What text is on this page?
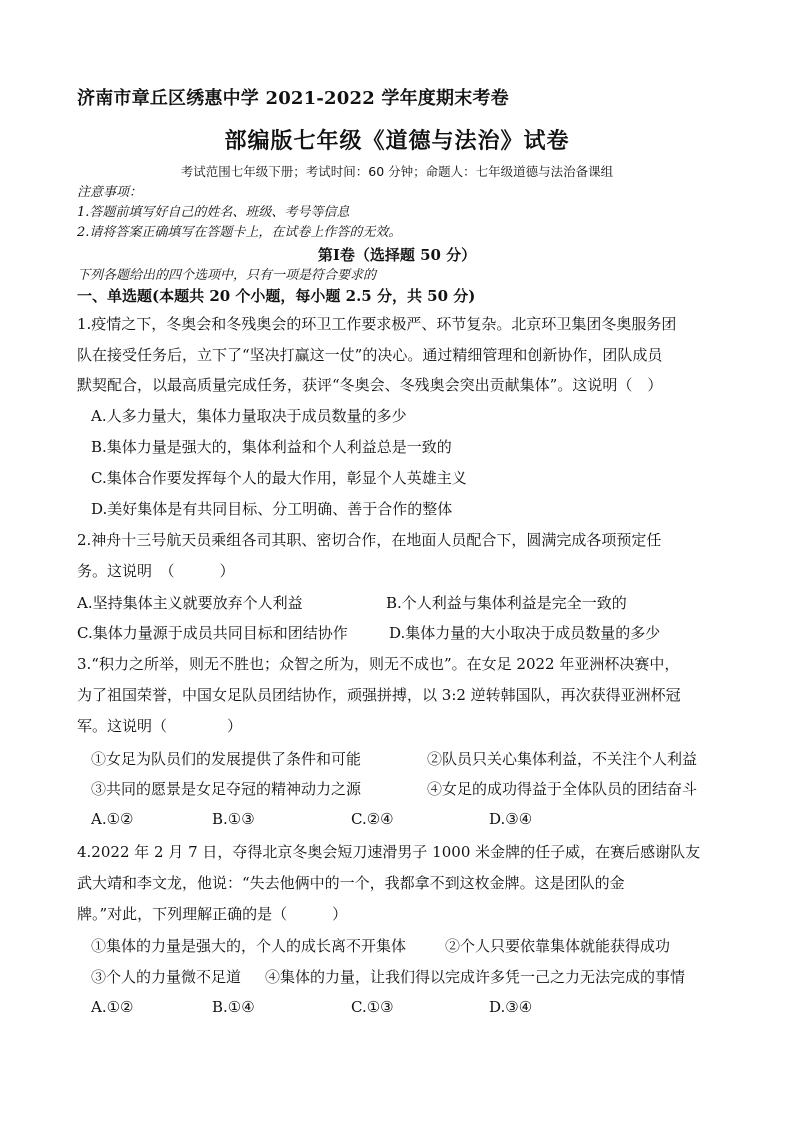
济南市章丘区绣惠中学 2021-2022 学年度期末考卷
部编版七年级《道德与法治》试卷
考试范围七年级下册；考试时间：60 分钟；命题人：七年级道德与法治备课组
注意事项：
1.答题前填写好自己的姓名、班级、考号等信息
2.请将答案正确填写在答题卡上，在试卷上作答的无效。
第Ⅰ卷（选择题 50 分）
下列各题给出的四个选项中，只有一项是符合要求的
一、单选题(本题共 20 个小题，每小题 2.5 分，共 50 分)
1.疫情之下，冬奥会和冬残奥会的环卫工作要求极严、环节复杂。北京环卫集团冬奥服务团
队在接受任务后，立下了“坚决打赢这一仗”的决心。通过精细管理和创新协作，团队成员
默契配合，以最高质量完成任务，获评“冬奥会、冬残奥会突出贡献集体”。这说明（　）
A.人多力量大，集体力量取决于成员数量的多少
B.集体力量是强大的，集体利益和个人利益总是一致的
C.集体合作要发挥每个人的最大作用，彰显个人英雄主义
D.美好集体是有共同目标、分工明确、善于合作的整体
2.神舟十三号航天员乘组各司其职、密切合作，在地面人员配合下，圆满完成各项预定任
务。这说明　（　　　）
A.坚持集体主义就要放弃个人利益	B.个人利益与集体利益是完全一致的
C.集体力量源于成员共同目标和团结协作	D.集体力量的大小取决于成员数量的多少
3.“积力之所举，则无不胜也；众智之所为，则无不成也”。在女足 2022 年亚洲杯决赛中，
为了祖国荣誉，中国女足队员团结协作，顽强拼搏，以 3:2 逆转韩国队，再次获得亚洲杯冠
军。这说明（　　　　）
①女足为队员们的发展提供了条件和可能	②队员只关心集体利益，不关注个人利益
③共同的愿景是女足夺冠的精神动力之源	④女足的成功得益于全体队员的团结奋斗
A.①②	B.①③	C.②④	D.③④
4.2022 年 2 月 7 日，夺得北京冬奥会短刀速滑男子 1000 米金牌的任子威，在赛后感谢队友
武大靖和李文龙，他说：“失去他俩中的一个，我都拿不到这枚金牌。这是团队的金
牌。”对此，下列理解正确的是（　　　）
①集体的力量是强大的，个人的成长离不开集体	②个人只要依靠集体就能获得成功
③个人的力量微不足道 ④集体的力量，让我们得以完成许多凭一己之力无法完成的事情
A.①②	B.①④	C.①③	D.③④
